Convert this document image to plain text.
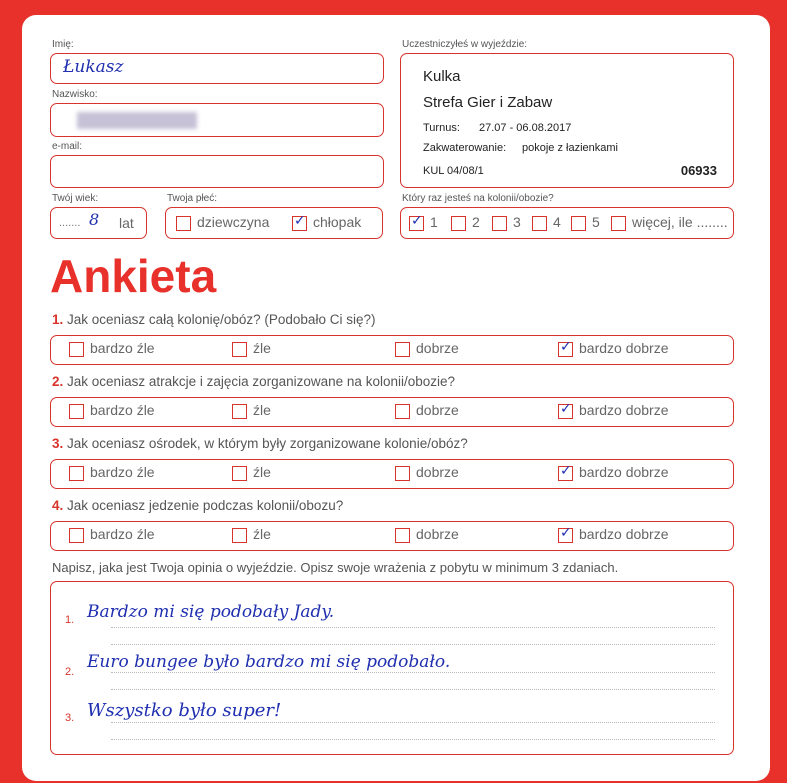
Imię:
Łukasz
Nazwisko:
e-mail:
Uczestniczyłeś w wyjeździe:
Kulka
Strefa Gier i Zabaw
Turnus: 27.07 - 06.08.2017
Zakwaterowanie: pokoje z łazienkami
KUL 04/08/1	06933
Twój wiek:
....... 8 lat
Twoja płeć:
dziewczyna ✓ chłopak
Który raz jesteś na kolonii/obozie?
✓ 1	2	3	4	5	więcej, ile ........
Ankieta
1. Jak oceniasz całą kolonię/obóz? (Podobało Ci się?)
bardzo źle	źle	dobrze	✓ bardzo dobrze
2. Jak oceniasz atrakcje i zajęcia zorganizowane na kolonii/obozie?
bardzo źle	źle	dobrze	✓ bardzo dobrze
3. Jak oceniasz ośrodek, w którym były zorganizowane kolonie/obóz?
bardzo źle	źle	dobrze	✓ bardzo dobrze
4. Jak oceniasz jedzenie podczas kolonii/obozu?
bardzo źle	źle	dobrze	✓ bardzo dobrze
Napisz, jaka jest Twoja opinia o wyjeździe. Opisz swoje wrażenia z pobytu w minimum 3 zdaniach.
1. Bardzo mi się podobały Jady.
2. Euro bungee było bardzo mi się podobało.
3. Wszystko było super!
